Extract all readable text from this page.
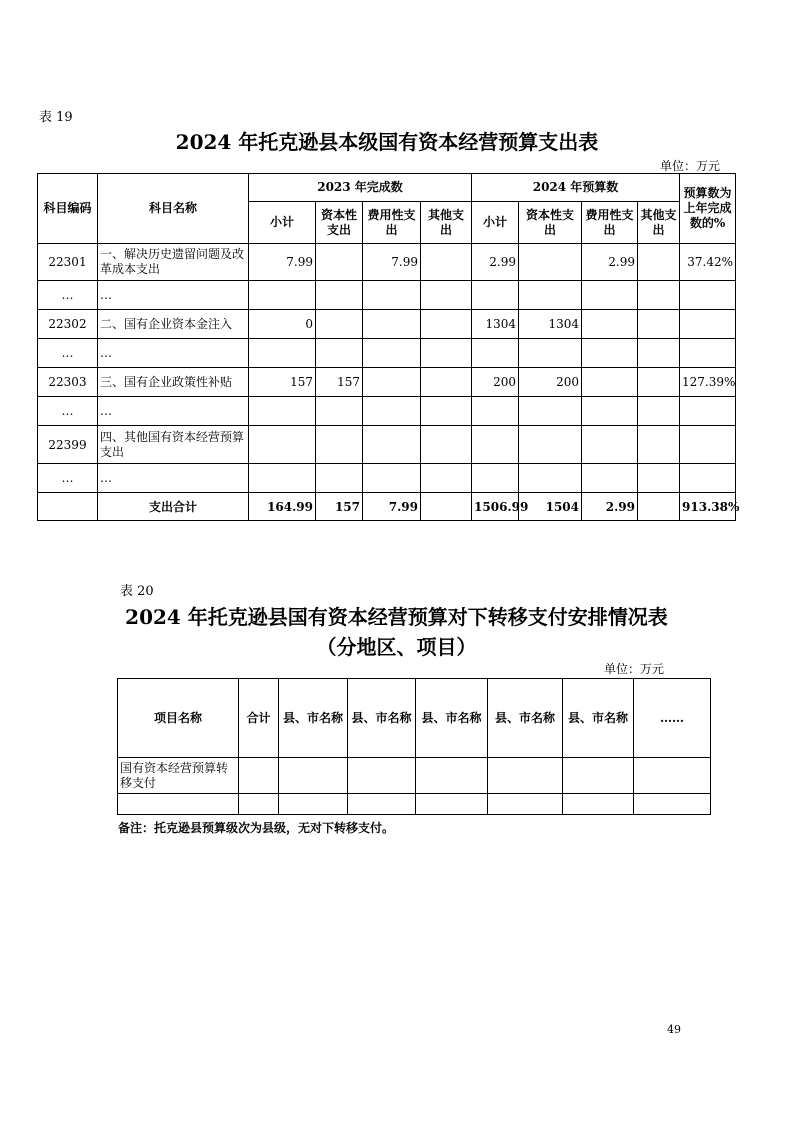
表 19
2024 年托克逊县本级国有资本经营预算支出表
单位：万元
科目编码	科目名称	2023 年完成数				2024 年预算数				预算数为上年完成数的%
		小计	资本性支出	费用性支出	其他支出	小计	资本性支出	费用性支出	其他支出	
22301	一、解决历史遗留问题及改革成本支出	7.99		7.99		2.99		2.99		37.42%
…	…									
22302	二、国有企业资本金注入	0				1304	1304			
…	…									
22303	三、国有企业政策性补贴	157	157			200	200			127.39%
…	…									
22399	四、其他国有资本经营预算支出									
…	…									
	支出合计	164.99	157	7.99		1506.99	1504	2.99		913.38%
表 20
2024 年托克逊县国有资本经营预算对下转移支付安排情况表
（分地区、项目）
单位：万元
项目名称	合计	县、市名称	县、市名称	县、市名称	县、市名称	县、市名称	……
国有资本经营预算转移支付							

备注：托克逊县预算级次为县级，无对下转移支付。
49
